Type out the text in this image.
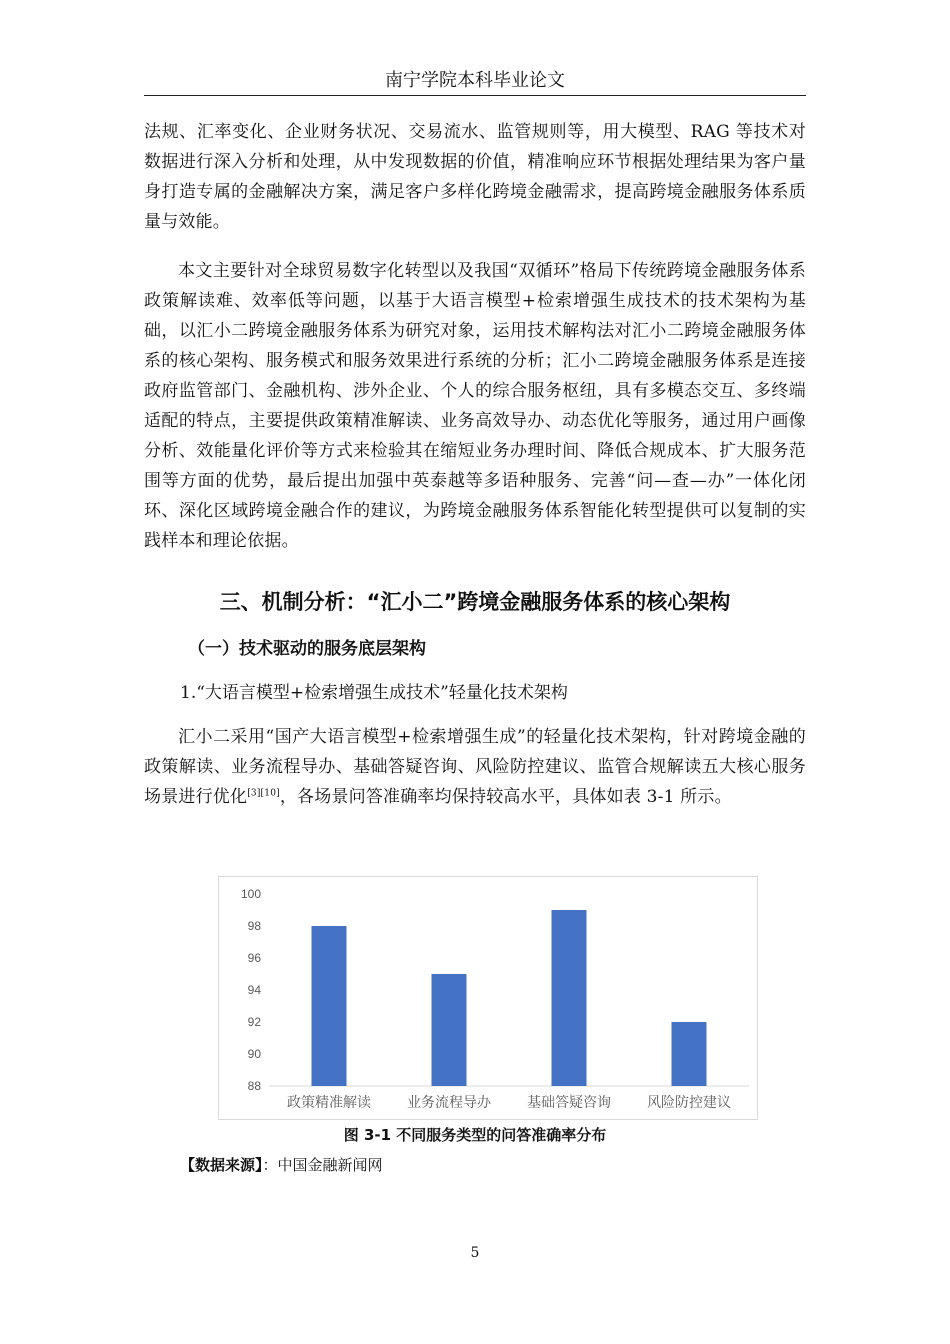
南宁学院本科毕业论文

法规、汇率变化、企业财务状况、交易流水、监管规则等，用大模型、RAG 等技术对数据进行深入分析和处理，从中发现数据的价值，精准响应环节根据处理结果为客户量身打造专属的金融解决方案，满足客户多样化跨境金融需求，提高跨境金融服务体系质量与效能。

本文主要针对全球贸易数字化转型以及我国“双循环”格局下传统跨境金融服务体系政策解读难、效率低等问题，以基于大语言模型+检索增强生成技术的技术架构为基础，以汇小二跨境金融服务体系为研究对象，运用技术解构法对汇小二跨境金融服务体系的核心架构、服务模式和服务效果进行系统的分析；汇小二跨境金融服务体系是连接政府监管部门、金融机构、涉外企业、个人的综合服务枢纽，具有多模态交互、多终端适配的特点，主要提供政策精准解读、业务高效导办、动态优化等服务，通过用户画像分析、效能量化评价等方式来检验其在缩短业务办理时间、降低合规成本、扩大服务范围等方面的优势，最后提出加强中英泰越等多语种服务、完善“问—查—办”一体化闭环、深化区域跨境金融合作的建议，为跨境金融服务体系智能化转型提供可以复制的实践样本和理论依据。

三、机制分析：“汇小二”跨境金融服务体系的核心架构
（一）技术驱动的服务底层架构
1.“大语言模型+检索增强生成技术”轻量化技术架构

汇小二采用“国产大语言模型+检索增强生成”的轻量化技术架构，针对跨境金融的政策解读、业务流程导办、基础答疑咨询、风险防控建议、监管合规解读五大核心服务场景进行优化[3][10]，各场景问答准确率均保持较高水平，具体如表 3-1 所示。

88
90
92
94
96
98
100
政策精准解读	业务流程导办	基础答疑咨询	风险防控建议
图 3-1 不同服务类型的问答准确率分布
【数据来源】：中国金融新闻网
5
